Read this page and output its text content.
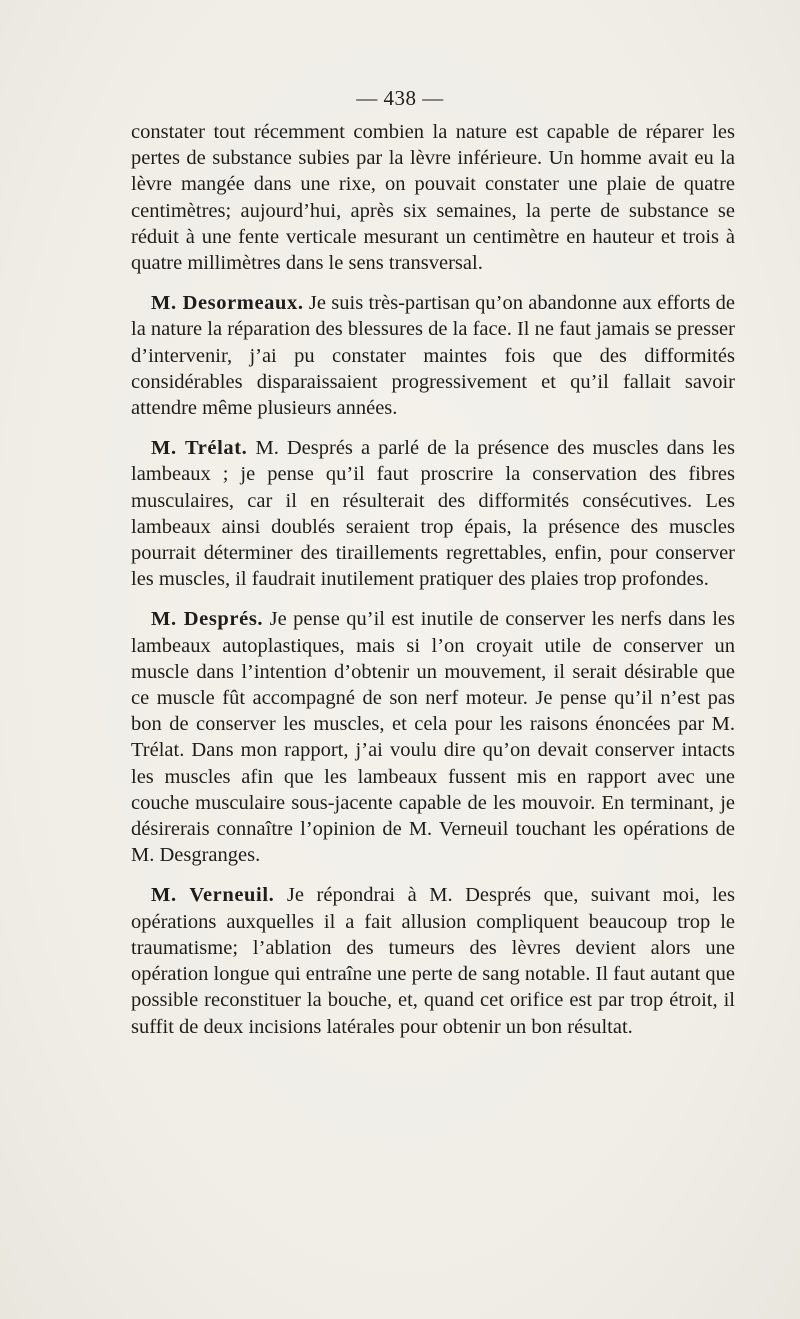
— 438 —

constater tout récemment combien la nature est capable de réparer les pertes de substance subies par la lèvre inférieure. Un homme avait eu la lèvre mangée dans une rixe, on pouvait constater une plaie de quatre centimètres; aujourd’hui, après six semaines, la perte de substance se réduit à une fente verticale mesurant un centimètre en hauteur et trois à quatre millimètres dans le sens transversal.

M. Desormeaux. Je suis très-partisan qu’on abandonne aux efforts de la nature la réparation des blessures de la face. Il ne faut jamais se presser d’intervenir, j’ai pu constater maintes fois que des difformités considérables disparaissaient progressivement et qu’il fallait savoir attendre même plusieurs années.

M. Trélat. M. Després a parlé de la présence des muscles dans les lambeaux ; je pense qu’il faut proscrire la conservation des fibres musculaires, car il en résulterait des difformités consécutives. Les lambeaux ainsi doublés seraient trop épais, la présence des muscles pourrait déterminer des tiraillements regrettables, enfin, pour conserver les muscles, il faudrait inutilement pratiquer des plaies trop profondes.

M. Després. Je pense qu’il est inutile de conserver les nerfs dans les lambeaux autoplastiques, mais si l’on croyait utile de conserver un muscle dans l’intention d’obtenir un mouvement, il serait désirable que ce muscle fût accompagné de son nerf moteur. Je pense qu’il n’est pas bon de conserver les muscles, et cela pour les raisons énoncées par M. Trélat. Dans mon rapport, j’ai voulu dire qu’on devait conserver intacts les muscles afin que les lambeaux fussent mis en rapport avec une couche musculaire sous-jacente capable de les mouvoir. En terminant, je désirerais connaître l’opinion de M. Verneuil touchant les opérations de M. Desgranges.

M. Verneuil. Je répondrai à M. Després que, suivant moi, les opérations auxquelles il a fait allusion compliquent beaucoup trop le traumatisme; l’ablation des tumeurs des lèvres devient alors une opération longue qui entraîne une perte de sang notable. Il faut autant que possible reconstituer la bouche, et, quand cet orifice est par trop étroit, il suffit de deux incisions latérales pour obtenir un bon résultat.
